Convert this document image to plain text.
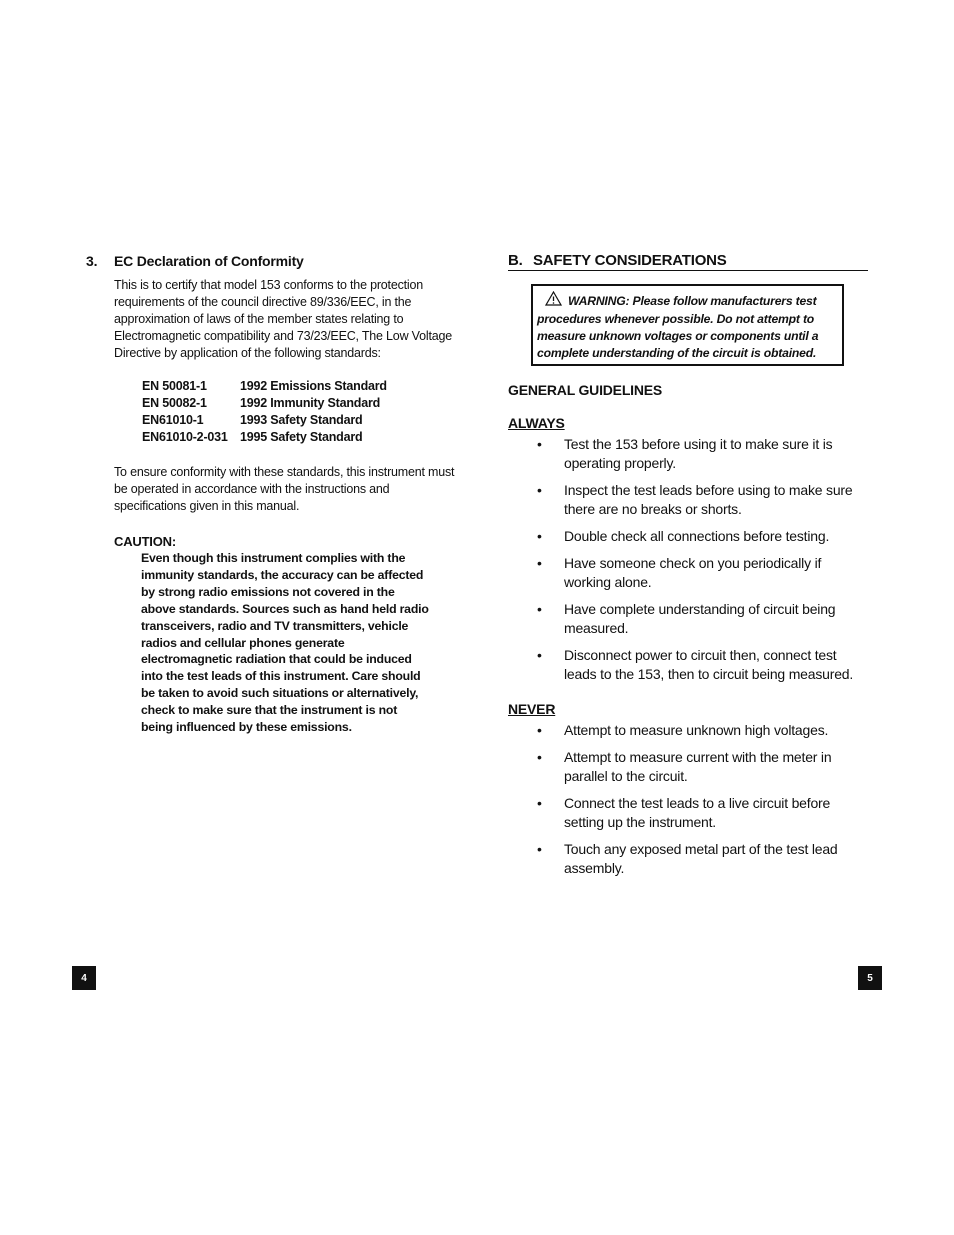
3.	EC Declaration of Conformity
This is to certify that model 153 conforms to the protection requirements of the council directive 89/336/EEC, in the approximation of laws of the member states relating to Electromagnetic compatibility and 73/23/EEC, The Low Voltage Directive by application of the following standards:
EN 50081-1	1992 Emissions Standard
EN 50082-1	1992 Immunity Standard
EN61010-1	1993 Safety Standard
EN61010-2-031	1995 Safety Standard
To ensure conformity with these standards, this instrument must be operated in accordance with the instructions and specifications given in this manual.
CAUTION:
Even though this instrument complies with the immunity standards, the accuracy can be affected by strong radio emissions not covered in the above standards. Sources such as hand held radio transceivers, radio and TV transmitters, vehicle radios and cellular phones generate electromagnetic radiation that could be induced into the test leads of this instrument. Care should be taken to avoid such situations or alternatively, check to make sure that the instrument is not being influenced by these emissions.
B. SAFETY CONSIDERATIONS
WARNING: Please follow manufacturers test procedures whenever possible. Do not attempt to measure unknown voltages or components until a complete understanding of the circuit is obtained.
GENERAL GUIDELINES
ALWAYS
•	Test the 153 before using it to make sure it is operating properly.
•	Inspect the test leads before using to make sure there are no breaks or shorts.
•	Double check all connections before testing.
•	Have someone check on you periodically if working alone.
•	Have complete understanding of circuit being measured.
•	Disconnect power to circuit then, connect test leads to the 153, then to circuit being measured.
NEVER
•	Attempt to measure unknown high voltages.
•	Attempt to measure current with the meter in parallel to the circuit.
•	Connect the test leads to a live circuit before setting up the instrument.
•	Touch any exposed metal part of the test lead assembly.
4	5
